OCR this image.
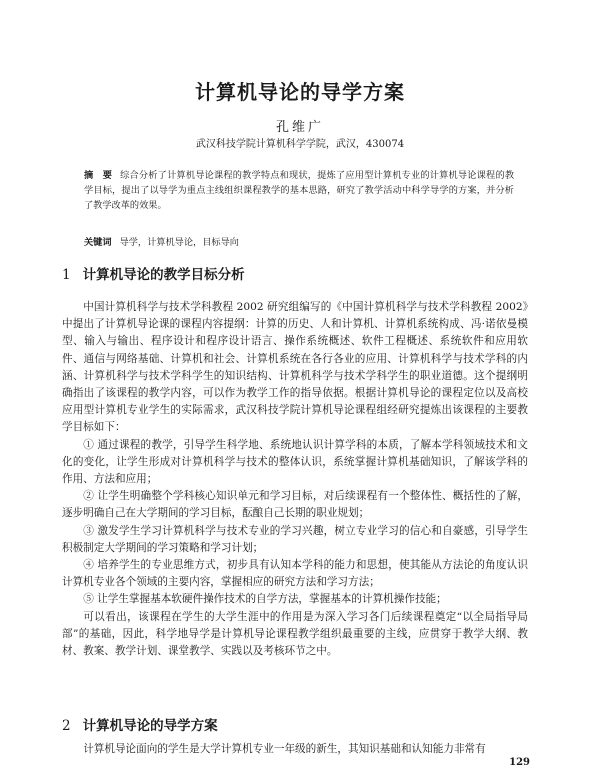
计算机导论的导学方案
孔维广
武汉科技学院计算机科学学院，武汉，430074
摘　要 综合分析了计算机导论课程的教学特点和现状，提炼了应用型计算机专业的计算机导论课程的教学目标，提出了以导学为重点主线组织课程教学的基本思路，研究了教学活动中科学导学的方案，并分析了教学改革的效果。
关键词 导学，计算机导论，目标导向
1 计算机导论的教学目标分析

中国计算机科学与技术学科教程 2002 研究组编写的《中国计算机科学与技术学科教程 2002》中提出了计算机导论课的课程内容提纲：计算的历史、人和计算机、计算机系统构成、冯·诺依曼模型、输入与输出、程序设计和程序设计语言、操作系统概述、软件工程概述、系统软件和应用软件、通信与网络基础、计算机和社会、计算机系统在各行各业的应用、计算机科学与技术学科的内涵、计算机科学与技术学科学生的知识结构、计算机科学与技术学科学生的职业道德。这个提纲明确指出了该课程的教学内容，可以作为教学工作的指导依据。根据计算机导论的课程定位以及高校应用型计算机专业学生的实际需求，武汉科技学院计算机导论课程组经研究提炼出该课程的主要教学目标如下：

① 通过课程的教学，引导学生科学地、系统地认识计算学科的本质，了解本学科领域技术和文化的变化，让学生形成对计算机科学与技术的整体认识，系统掌握计算机基础知识，了解该学科的作用、方法和应用；

② 让学生明确整个学科核心知识单元和学习目标，对后续课程有一个整体性、概括性的了解，逐步明确自己在大学期间的学习目标，酝酿自己长期的职业规划；

③ 激发学生学习计算机科学与技术专业的学习兴趣，树立专业学习的信心和自豪感，引导学生积极制定大学期间的学习策略和学习计划；

④ 培养学生的专业思维方式，初步具有认知本学科的能力和思想，使其能从方法论的角度认识计算机专业各个领域的主要内容，掌握相应的研究方法和学习方法；

⑤ 让学生掌握基本软硬件操作技术的自学方法，掌握基本的计算机操作技能；

可以看出，该课程在学生的大学生涯中的作用是为深入学习各门后续课程奠定“以全局指导局部”的基础，因此，科学地导学是计算机导论课程教学组织最重要的主线，应贯穿于教学大纲、教材、教案、教学计划、课堂教学、实践以及考核环节之中。

2 计算机导论的导学方案

计算机导论面向的学生是大学计算机专业一年级的新生，其知识基础和认知能力非常有

129
